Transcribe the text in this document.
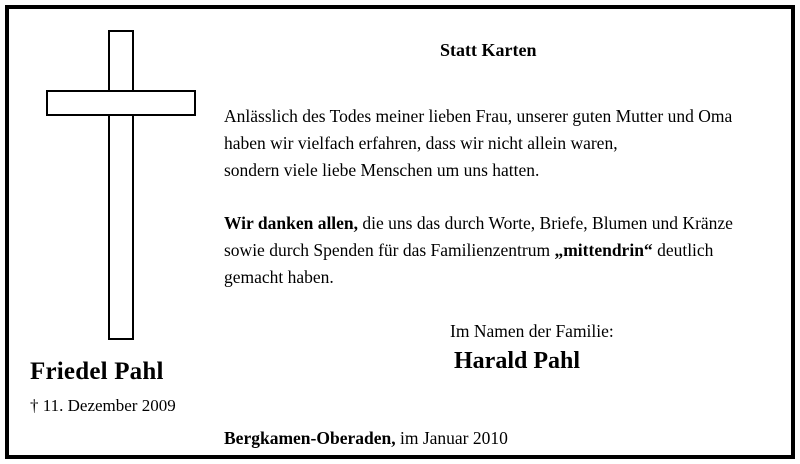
Friedel Pahl
† 11. Dezember 2009
Statt Karten
Anlässlich des Todes meiner lieben Frau, unserer guten Mutter und Oma
haben wir vielfach erfahren, dass wir nicht allein waren,
sondern viele liebe Menschen um uns hatten.
Wir danken allen, die uns das durch Worte, Briefe, Blumen und Kränze
sowie durch Spenden für das Familienzentrum „mittendrin“ deutlich
gemacht haben.
Im Namen der Familie:
Harald Pahl
Bergkamen-Oberaden, im Januar 2010
